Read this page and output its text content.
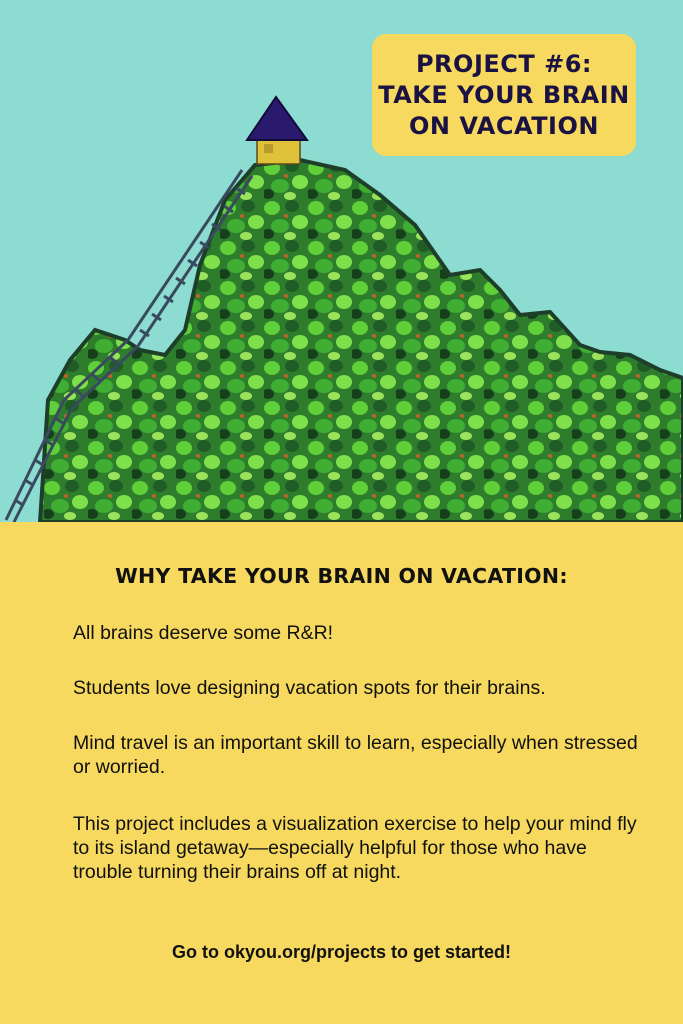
PROJECT #6:
TAKE YOUR BRAIN
ON VACATION
WHY TAKE YOUR BRAIN ON VACATION:

All brains deserve some R&R!

Students love designing vacation spots for their brains.

Mind travel is an important skill to learn, especially when stressed or worried.

This project includes a visualization exercise to help your mind fly to its island getaway—especially helpful for those who have trouble turning their brains off at night.

Go to okyou.org/projects to get started!
